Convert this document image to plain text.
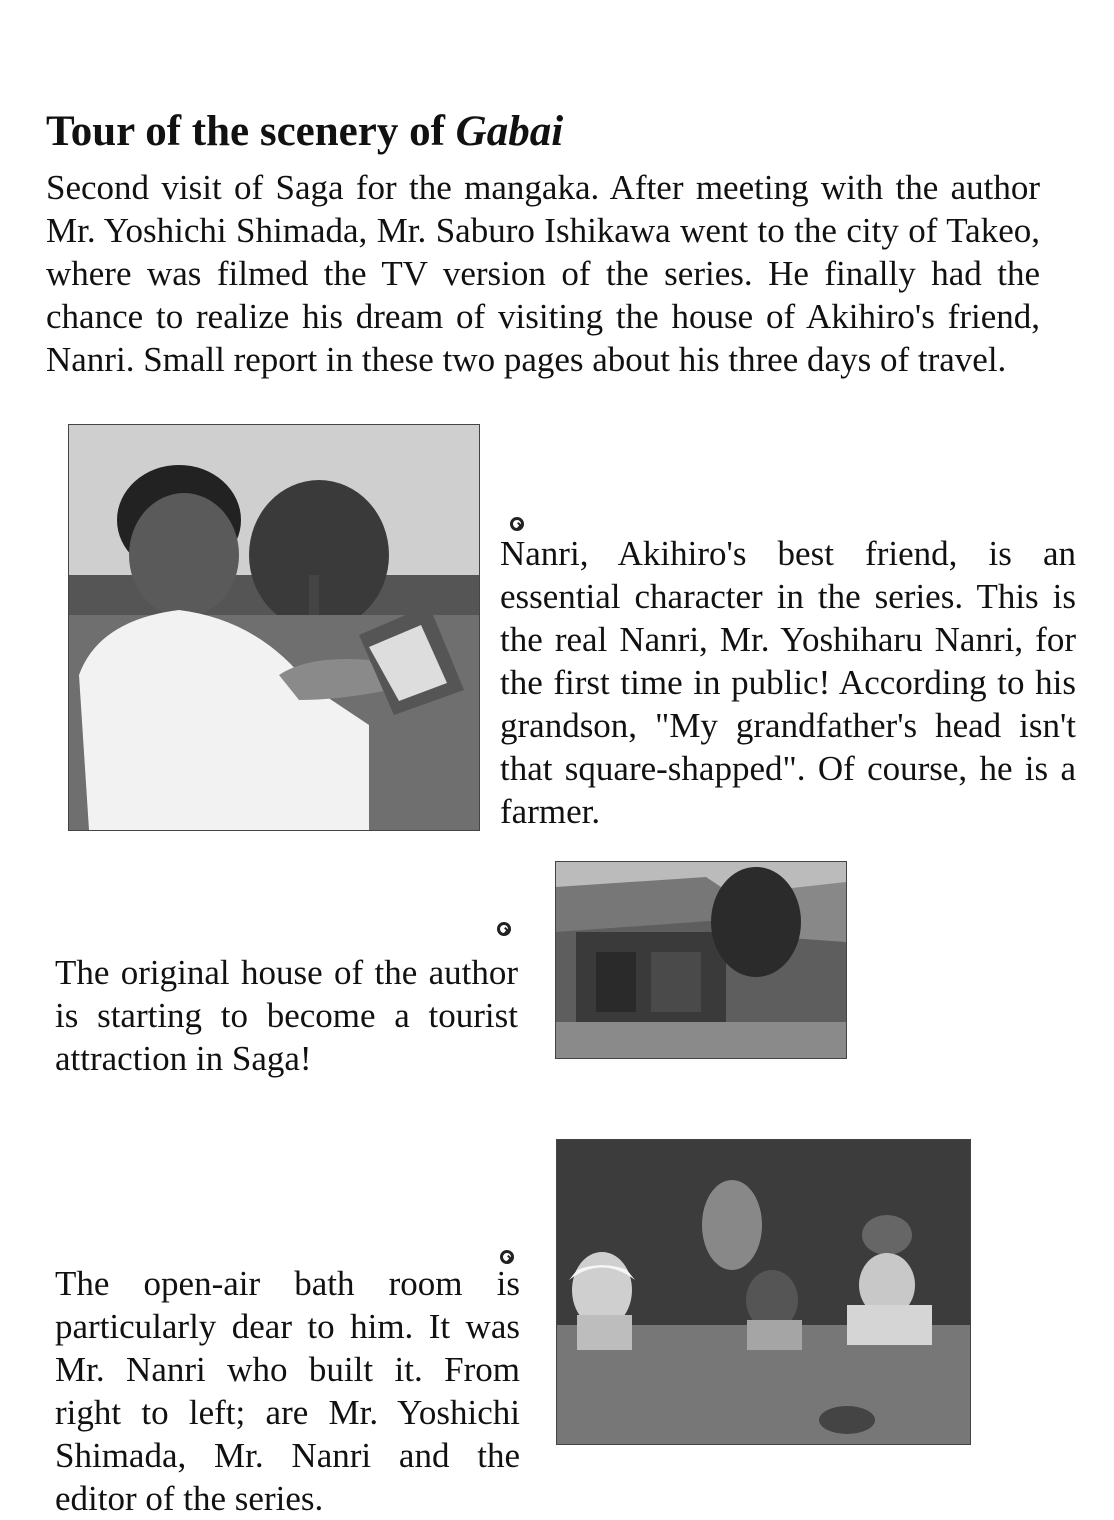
Tour of the scenery of Gabai
Second visit of Saga for the mangaka. After meeting with the author Mr. Yoshichi Shimada, Mr. Saburo Ishikawa went to the city of Takeo, where was filmed the TV version of the series. He finally had the chance to realize his dream of visiting the house of Akihiro's friend, Nanri. Small report in these two pages about his three days of travel.
Nanri, Akihiro's best friend, is an essential character in the series. This is the real Nanri, Mr. Yoshiharu Nanri, for the first time in public! According to his grandson, "My grandfather's head isn't that square-shapped". Of course, he is a farmer.
The original house of the author is starting to become a tourist attraction in Saga!
The open-air bath room is particularly dear to him. It was Mr. Nanri who built it. From right to left; are Mr. Yoshichi Shimada, Mr. Nanri and the editor of the series.
